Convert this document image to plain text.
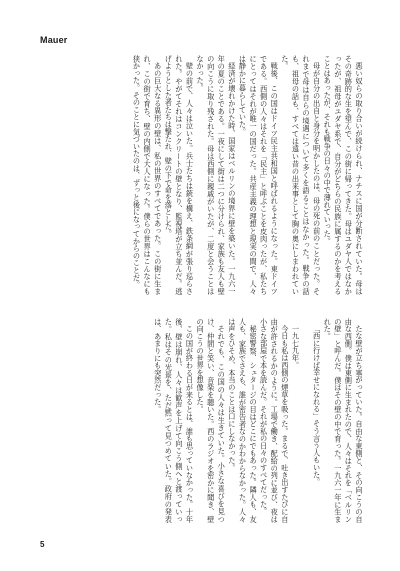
Mauer

悪い奴らの取り合いが続けられ、ナチスに国が分断されていた。母はその奇跡的な生を望んで、この街に帰ってきた。母はユダヤ人ではなかったが、祖母がユダヤ系で、自分がどちらの民族に属するのかを考えることはあったが、それも戦争の日々の中で薄れていった。

母が自分の出自と身分を明かしたのは、母の死の前のことだった。それまで母は自らの境遇について多くを語ることはなかった。戦争の話も、祖母の話も、すべては遠い昔の出来事として胸の奥にしまわれていた。

戦後、この国はドイツ民主共和国と呼ばれるようになった。東ドイツである。西側の人々はそれを「民主」と呼ぶことを皮肉ったが、私たちにとってはそれが唯一の国だった。共産主義の理想と現実の間で、人々は静かに暮らしていた。

経済が壊れかけた時、国家はベルリンの境界に壁を築いた。一九六一年の夏のことである。一夜にして街は二つに分けられ、家族も友人も壁の向こうに取り残された。母は西側に親戚がいたが、二度と会うことはなかった。

壁の前で、人々は泣いた。兵士たちは銃を構え、鉄条網が張り巡らされた。やがてそれはコンクリートの壁となり、監視塔が立ち並んだ。逃げようとした者たちは撃たれ、壁の下で命を落とした。

あの巨大なる異形の壁は、私の世界のすべてであった。この街に生まれ、この街で育ち、壁の内側で大人になった。僕らの世界はこんなにも狭かった。そのことに気づいたのは、ずっと後になってからのことだ。

たな壁が立ち塞がっていた。自由な東側と、その向こうの自由な西側。僕は東側に生まれたので、人々はそれを「ベルリンの壁」と呼んだ。僕はその壁の中で育った。一九六一年に生まれた。

「西に行けば幸せになれる」そう言う人もいた。

一九七九年。

今日も私は西側の煙草を吸った。まるで、吐き出すたびに自由が許されるかのように。工場で働き、配給の列に並び、夜は小さな部屋で本を読んだ。それが私の日々のすべてだった。

秘密警察、シュタージの目はどこにでもあった。隣人も、友人も、家族でさえも、誰が密告者なのかわからなかった。人々は声をひそめ、本当のことは口にしなかった。

それでも、この国の人々は生きていた。小さな喜びを見つけ、仲間と笑い、音楽を聴いた。西のラジオを密かに聞き、壁の向こうの世界を想像した。

この国が終わる日が来るとは、誰も思っていなかった。十年後、壁は崩れ、人々は歓声を上げて向こう側へと渡っていった。私はその光景を、ただ黙って見つめていた。政府の発表は、あまりにも突然だった。

5
